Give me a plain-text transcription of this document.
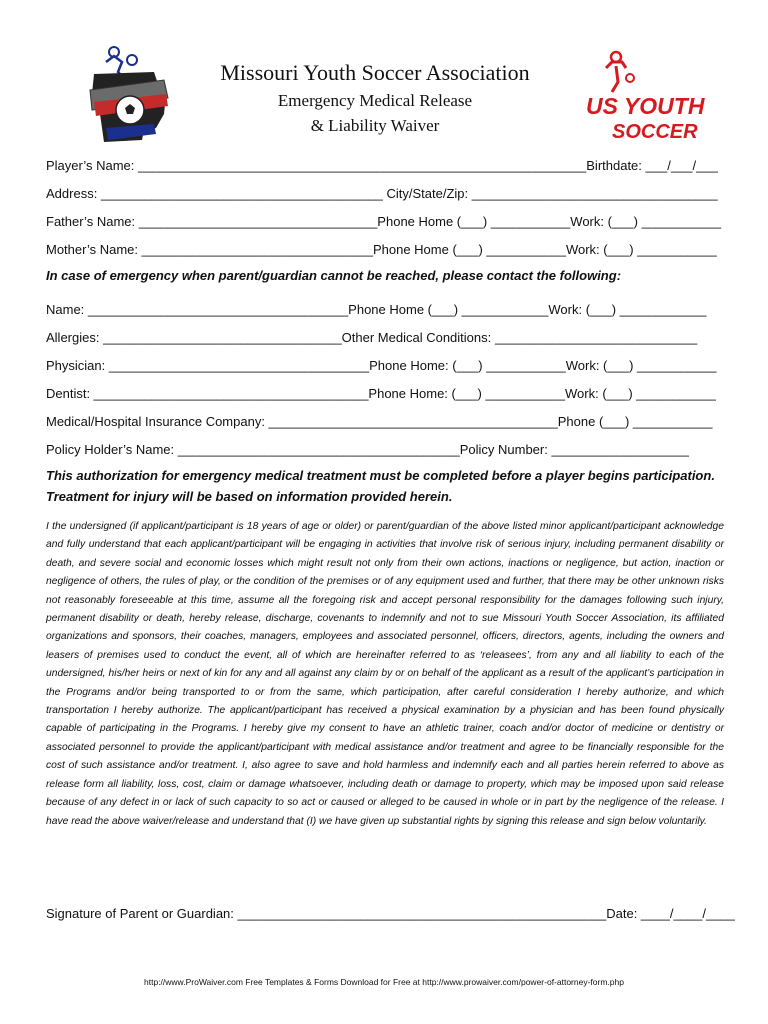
Missouri Youth Soccer Association
Emergency Medical Release
& Liability Waiver
US YOUTH
SOCCER
Player’s Name: ______________________________________________________________Birthdate: ___/___/___
Address: _______________________________________ City/State/Zip: __________________________________
Father’s Name: _________________________________Phone Home (___) ___________Work: (___) ___________
Mother’s Name: ________________________________Phone Home (___) ___________Work: (___) ___________
In case of emergency when parent/guardian cannot be reached, please contact the following:
Name: ____________________________________Phone Home (___) ____________Work: (___) ____________
Allergies: _________________________________Other Medical Conditions: ____________________________
Physician: ____________________________________Phone Home: (___) ___________Work: (___) ___________
Dentist: ______________________________________Phone Home: (___) ___________Work: (___) ___________
Medical/Hospital Insurance Company: ________________________________________Phone (___) ___________
Policy Holder’s Name: _______________________________________Policy Number: ___________________
This authorization for emergency medical treatment must be completed before a player begins participation.
Treatment for injury will be based on information provided herein.
I the undersigned (if applicant/participant is 18 years of age or older) or parent/guardian of the above listed minor applicant/participant acknowledge and fully understand that each applicant/participant will be engaging in activities that involve risk of serious injury, including permanent disability or death, and severe social and economic losses which might result not only from their own actions, inactions or negligence, but action, inaction or negligence of others, the rules of play, or the condition of the premises or of any equipment used and further, that there may be other unknown risks not reasonably foreseeable at this time, assume all the foregoing risk and accept personal responsibility for the damages following such injury, permanent disability or death, hereby release, discharge, covenants to indemnify and not to sue Missouri Youth Soccer Association, its affiliated organizations and sponsors, their coaches, managers, employees and associated personnel, officers, directors, agents, including the owners and leasers of premises used to conduct the event, all of which are hereinafter referred to as ‘releasees’, from any and all liability to each of the undersigned, his/her heirs or next of kin for any and all against any claim by or on behalf of the applicant as a result of the applicant’s participation in the Programs and/or being transported to or from the same, which participation, after careful consideration I hereby authorize, and which transportation I hereby authorize. The applicant/participant has received a physical examination by a physician and has been found physically capable of participating in the Programs. I hereby give my consent to have an athletic trainer, coach and/or doctor of medicine or dentistry or associated personnel to provide the applicant/participant with medical assistance and/or treatment and agree to be financially responsible for the cost of such assistance and/or treatment. I, also agree to save and hold harmless and indemnify each and all parties herein referred to above as release form all liability, loss, cost, claim or damage whatsoever, including death or damage to property, which may be imposed upon said release because of any defect in or lack of such capacity to so act or caused or alleged to be caused in whole or in part by the negligence of the release. I have read the above waiver/release and understand that (I) we have given up substantial rights by signing this release and sign below voluntarily.
Signature of Parent or Guardian: ___________________________________________________Date: ____/____/____
http://www.ProWaiver.com Free Templates & Forms Download for Free at http://www.prowaiver.com/power-of-attorney-form.php
